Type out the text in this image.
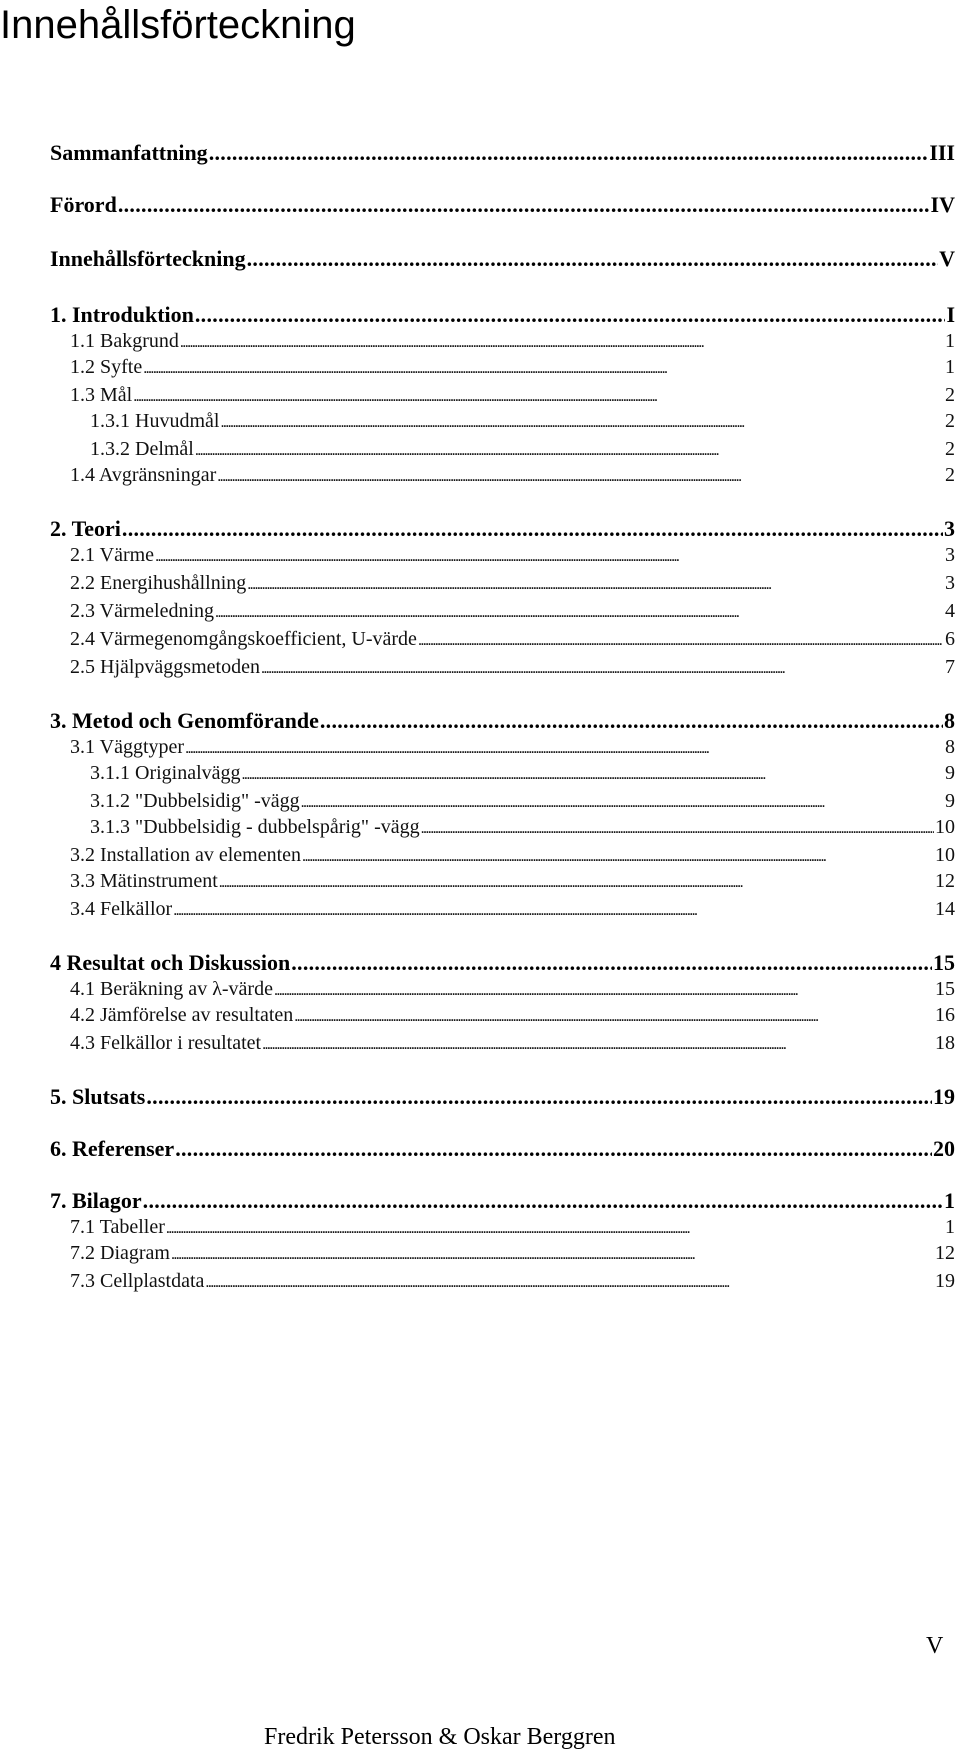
Innehållsförteckning
Sammanfattning . . .	III
Förord . . .	IV
Innehållsförteckning . . .	V
1. Introduktion . . .	I
1.1 Bakgrund . . .	1
1.2 Syfte . . .	1
1.3 Mål . . .	2
1.3.1 Huvudmål . . .	2
1.3.2 Delmål . . .	2
1.4 Avgränsningar . . .	2
2. Teori . . .	3
2.1 Värme . . .	3
2.2 Energihushållning . . .	3
2.3 Värmeledning . . .	4
2.4 Värmegenomgångskoefficient, U-värde . . .	6
2.5 Hjälpväggsmetoden . . .	7
3. Metod och Genomförande . . .	8
3.1 Väggtyper . . .	8
3.1.1 Originalvägg . . .	9
3.1.2 "Dubbelsidig" -vägg . . .	9
3.1.3 "Dubbelsidig - dubbelspårig" -vägg . . .	10
3.2 Installation av elementen . . .	10
3.3 Mätinstrument . . .	12
3.4 Felkällor . . .	14
4 Resultat och Diskussion . . .	15
4.1 Beräkning av λ-värde . . .	15
4.2 Jämförelse av resultaten . . .	16
4.3 Felkällor i resultatet . . .	18
5. Slutsats . . .	19
6. Referenser . . .	20
7. Bilagor . . .	1
7.1 Tabeller . . .	1
7.2 Diagram . . .	12
7.3 Cellplastdata . . .	19
V
Fredrik Petersson & Oskar Berggren
